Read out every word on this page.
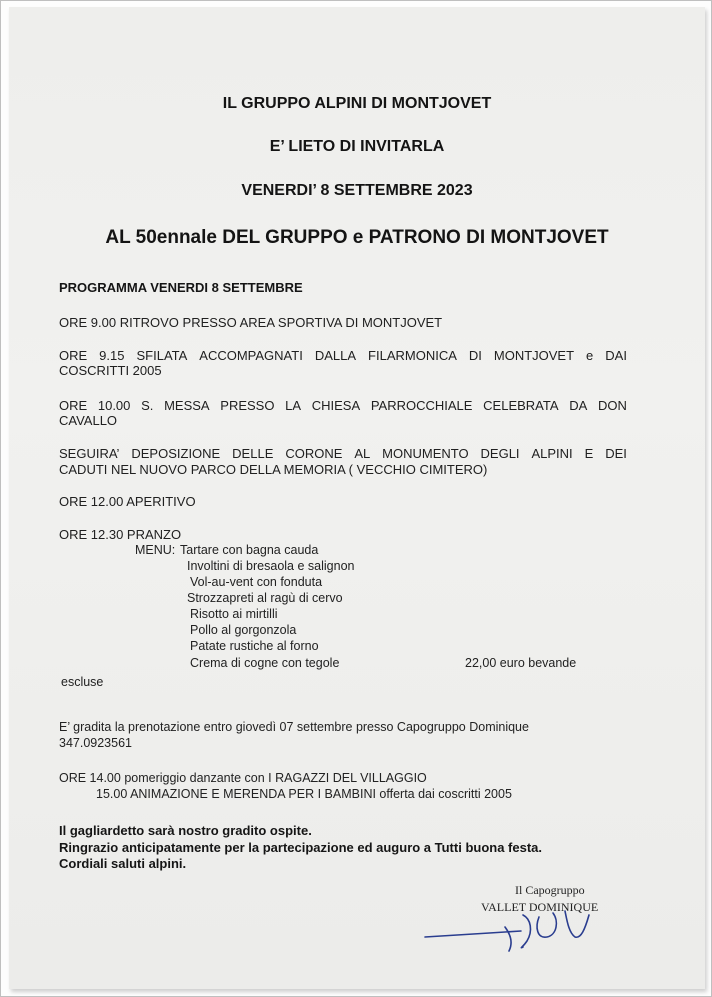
IL GRUPPO ALPINI DI MONTJOVET
E’ LIETO DI INVITARLA
VENERDI’ 8 SETTEMBRE 2023
AL 50ennale DEL GRUPPO e PATRONO DI MONTJOVET
PROGRAMMA VENERDI 8 SETTEMBRE
ORE 9.00 RITROVO PRESSO AREA SPORTIVA DI MONTJOVET
ORE 9.15 SFILATA ACCOMPAGNATI DALLA FILARMONICA DI MONTJOVET e DAI
COSCRITTI 2005
ORE 10.00 S. MESSA PRESSO LA CHIESA PARROCCHIALE CELEBRATA DA DON
CAVALLO
SEGUIRA’ DEPOSIZIONE DELLE CORONE AL MONUMENTO DEGLI ALPINI E DEI
CADUTI NEL NUOVO PARCO DELLA MEMORIA ( VECCHIO CIMITERO)
ORE 12.00 APERITIVO
ORE 12.30 PRANZO
MENU: Tartare con bagna cauda
Involtini di bresaola e salignon
Vol-au-vent con fonduta
Strozzapreti al ragù di cervo
Risotto ai mirtilli
Pollo al gorgonzola
Patate rustiche al forno
Crema di cogne con tegole	22,00 euro bevande
escluse
E’ gradita la prenotazione entro giovedì 07 settembre presso Capogruppo Dominique
347.0923561
ORE 14.00 pomeriggio danzante con I RAGAZZI DEL VILLAGGIO
15.00 ANIMAZIONE E MERENDA PER I BAMBINI offerta dai coscritti 2005
Il gagliardetto sarà nostro gradito ospite.
Ringrazio anticipatamente per la partecipazione ed auguro a Tutti buona festa.
Cordiali saluti alpini.
Il Capogruppo
VALLET DOMINIQUE
